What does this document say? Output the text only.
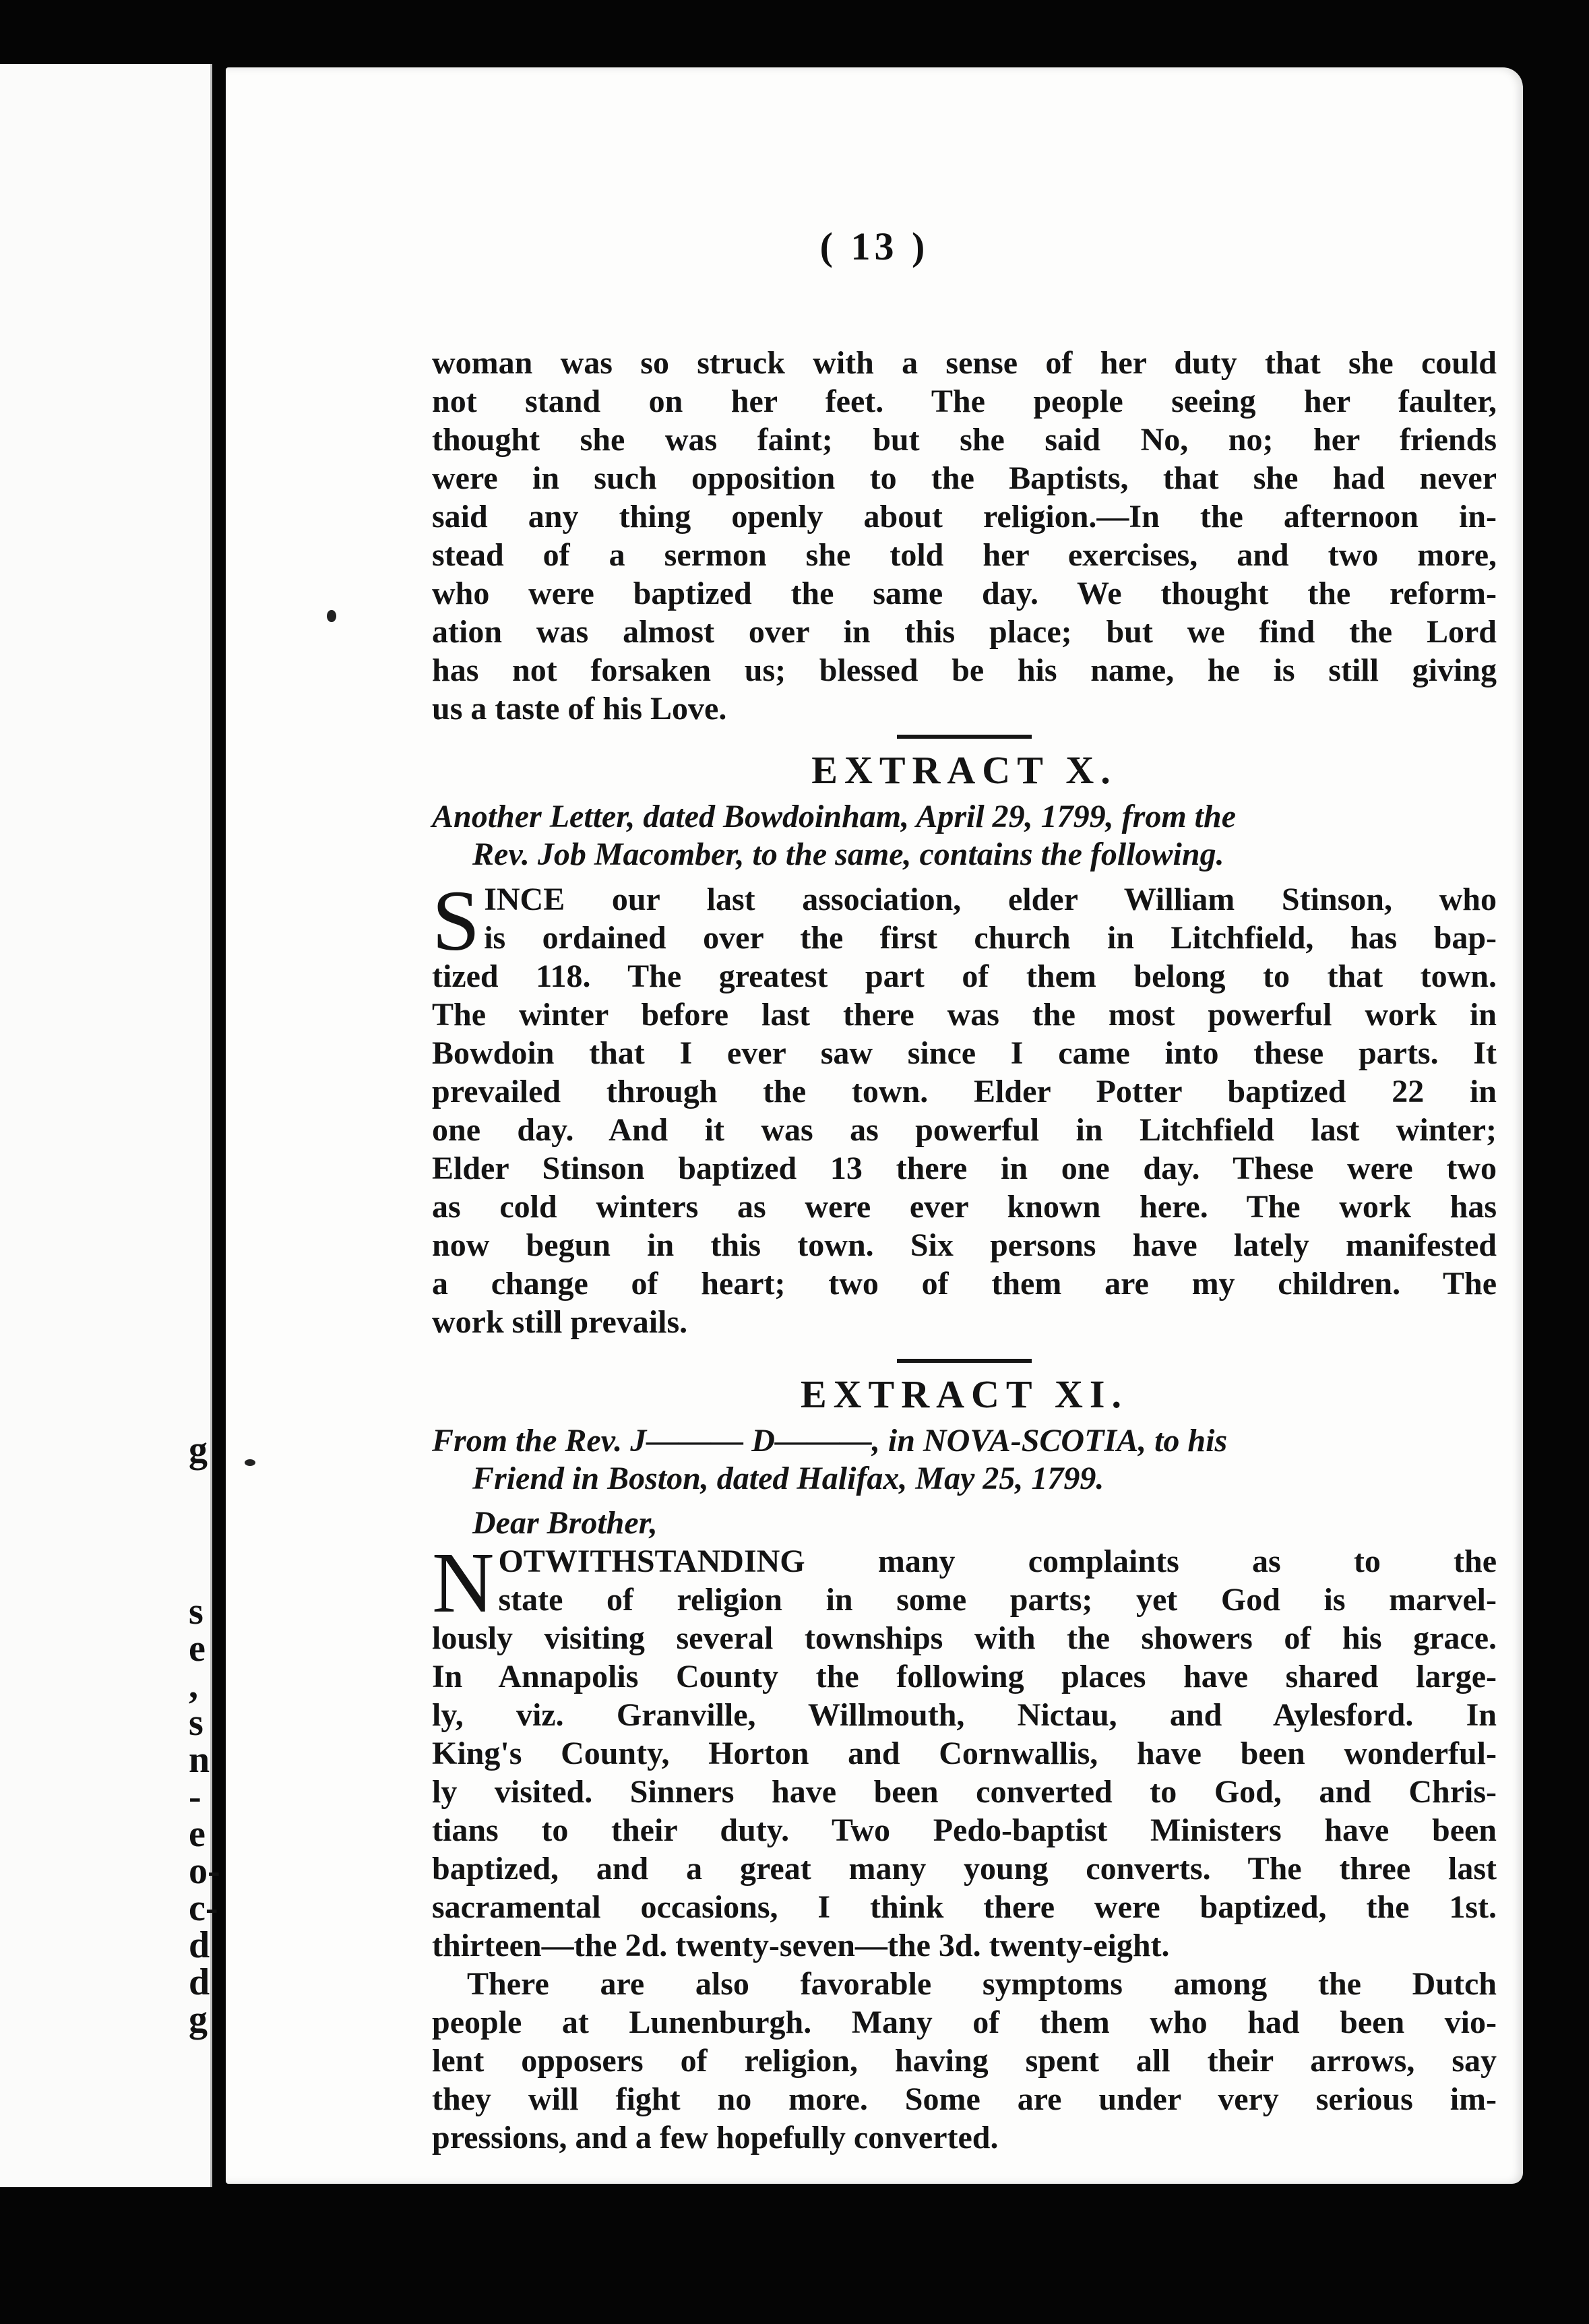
g
s
e
,
s
n
-
e
o-
c-
d
d
g
( 13 )

woman was so struck with a sense of her duty that she could
not stand on her feet. The people seeing her faulter,
thought she was faint; but she said No, no; her friends
were in such opposition to the Baptists, that she had never
said any thing openly about religion.—In the afternoon in-
stead of a sermon she told her exercises, and two more,
who were baptized the same day. We thought the reform-
ation was almost over in this place; but we find the Lord
has not forsaken us; blessed be his name, he is still giving
us a taste of his Love.

EXTRACT X.
Another Letter, dated Bowdoinham, April 29, 1799, from the
Rev. Job Macomber, to the same, contains the following.
S INCE our last association, elder William Stinson, who
is ordained over the first church in Litchfield, has bap-
tized 118. The greatest part of them belong to that town.
The winter before last there was the most powerful work in
Bowdoin that I ever saw since I came into these parts. It
prevailed through the town. Elder Potter baptized 22 in
one day. And it was as powerful in Litchfield last winter;
Elder Stinson baptized 13 there in one day. These were two
as cold winters as were ever known here. The work has
now begun in this town. Six persons have lately manifested
a change of heart; two of them are my children. The
work still prevails.

EXTRACT XI.
From the Rev. J——— D———, in NOVA-SCOTIA, to his
Friend in Boston, dated Halifax, May 25, 1799.

Dear Brother,

N OTWITHSTANDING many complaints as to the
state of religion in some parts; yet God is marvel-
lously visiting several townships with the showers of his grace.
In Annapolis County the following places have shared large-
ly, viz. Granville, Willmouth, Nictau, and Aylesford. In
King's County, Horton and Cornwallis, have been wonderful-
ly visited. Sinners have been converted to God, and Chris-
tians to their duty. Two Pedo-baptist Ministers have been
baptized, and a great many young converts. The three last
sacramental occasions, I think there were baptized, the 1st.
thirteen—the 2d. twenty-seven—the 3d. twenty-eight.

There are also favorable symptoms among the Dutch
people at Lunenburgh. Many of them who had been vio-
lent opposers of religion, having spent all their arrows, say
they will fight no more. Some are under very serious im-
pressions, and a few hopefully converted.
